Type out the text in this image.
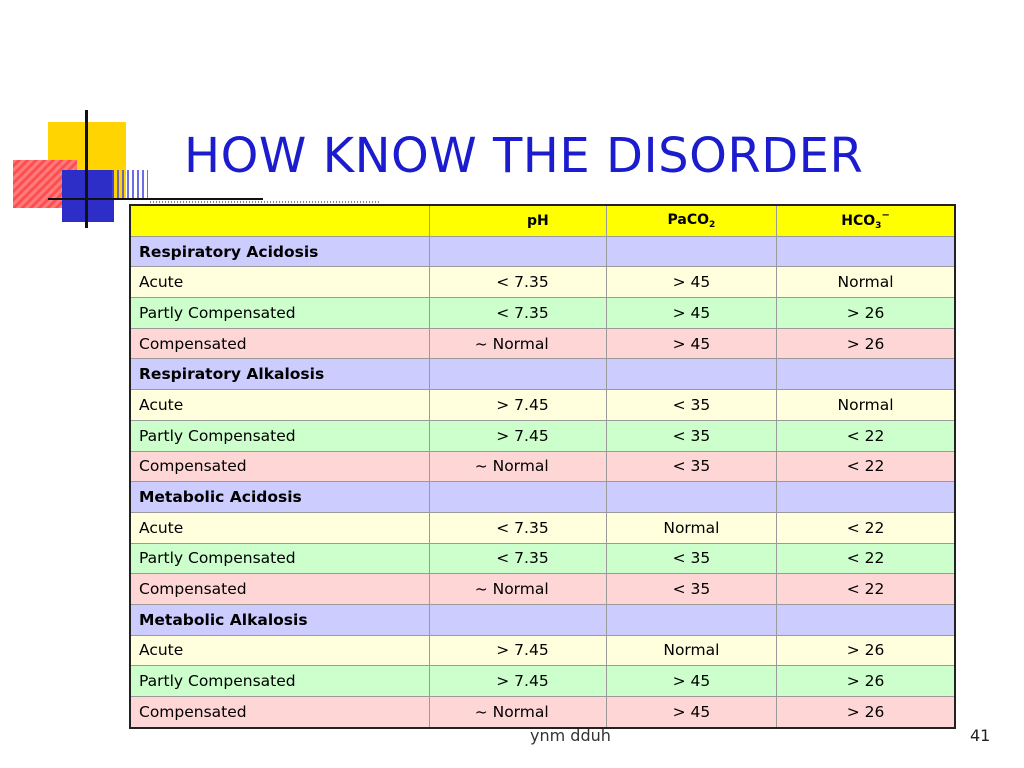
HOW KNOW THE DISORDER
	pH	PaCO$_2$	$HCO_3^-$
Respiratory Acidosis			
Acute	< 7.35	> 45	Normal
Partly Compensated	< 7.35	> 45	> 26
Compensated	~ Normal	> 45	> 26
Respiratory Alkalosis			
Acute	> 7.45	< 35	Normal
Partly Compensated	> 7.45	< 35	< 22
Compensated	~ Normal	< 35	< 22
Metabolic Acidosis			
Acute	< 7.35	Normal	< 22
Partly Compensated	< 7.35	< 35	< 22
Compensated	~ Normal	< 35	< 22
Metabolic Alkalosis			
Acute	> 7.45	Normal	> 26
Partly Compensated	> 7.45	> 45	> 26
Compensated	~ Normal	> 45	> 26
ynm dduh	41
